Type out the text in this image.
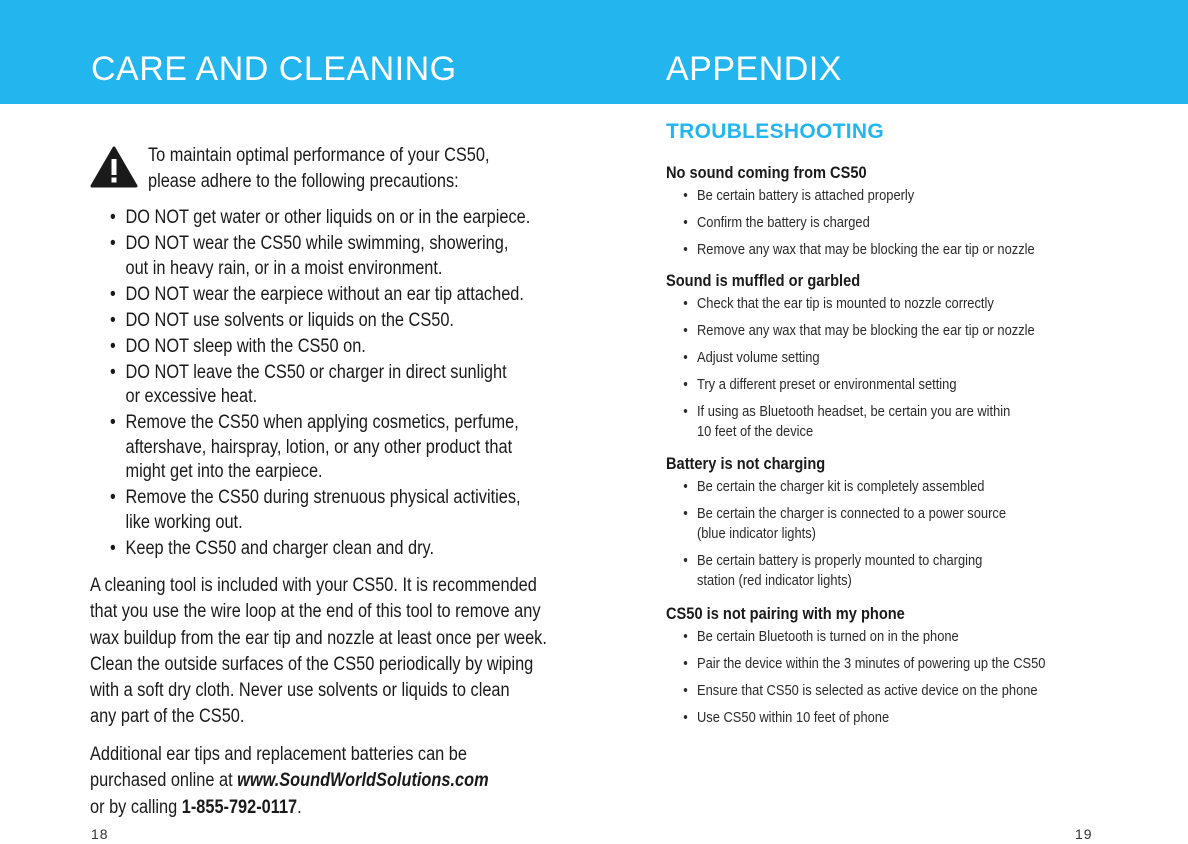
CARE AND CLEANING	APPENDIX
To maintain optimal performance of your CS50,
please adhere to the following precautions:
• DO NOT get water or other liquids on or in the earpiece.
• DO NOT wear the CS50 while swimming, showering,
out in heavy rain, or in a moist environment.
• DO NOT wear the earpiece without an ear tip attached.
• DO NOT use solvents or liquids on the CS50.
• DO NOT sleep with the CS50 on.
• DO NOT leave the CS50 or charger in direct sunlight
or excessive heat.
• Remove the CS50 when applying cosmetics, perfume,
aftershave, hairspray, lotion, or any other product that
might get into the earpiece.
• Remove the CS50 during strenuous physical activities,
like working out.
• Keep the CS50 and charger clean and dry.
A cleaning tool is included with your CS50. It is recommended
that you use the wire loop at the end of this tool to remove any
wax buildup from the ear tip and nozzle at least once per week.
Clean the outside surfaces of the CS50 periodically by wiping
with a soft dry cloth. Never use solvents or liquids to clean
any part of the CS50.
Additional ear tips and replacement batteries can be
purchased online at www.SoundWorldSolutions.com
or by calling 1-855-792-0117.
18
TROUBLESHOOTING
No sound coming from CS50
• Be certain battery is attached properly
• Confirm the battery is charged
• Remove any wax that may be blocking the ear tip or nozzle
Sound is muffled or garbled
• Check that the ear tip is mounted to nozzle correctly
• Remove any wax that may be blocking the ear tip or nozzle
• Adjust volume setting
• Try a different preset or environmental setting
• If using as Bluetooth headset, be certain you are within
10 feet of the device
Battery is not charging
• Be certain the charger kit is completely assembled
• Be certain the charger is connected to a power source
(blue indicator lights)
• Be certain battery is properly mounted to charging
station (red indicator lights)
CS50 is not pairing with my phone
• Be certain Bluetooth is turned on in the phone
• Pair the device within the 3 minutes of powering up the CS50
• Ensure that CS50 is selected as active device on the phone
• Use CS50 within 10 feet of phone
19
